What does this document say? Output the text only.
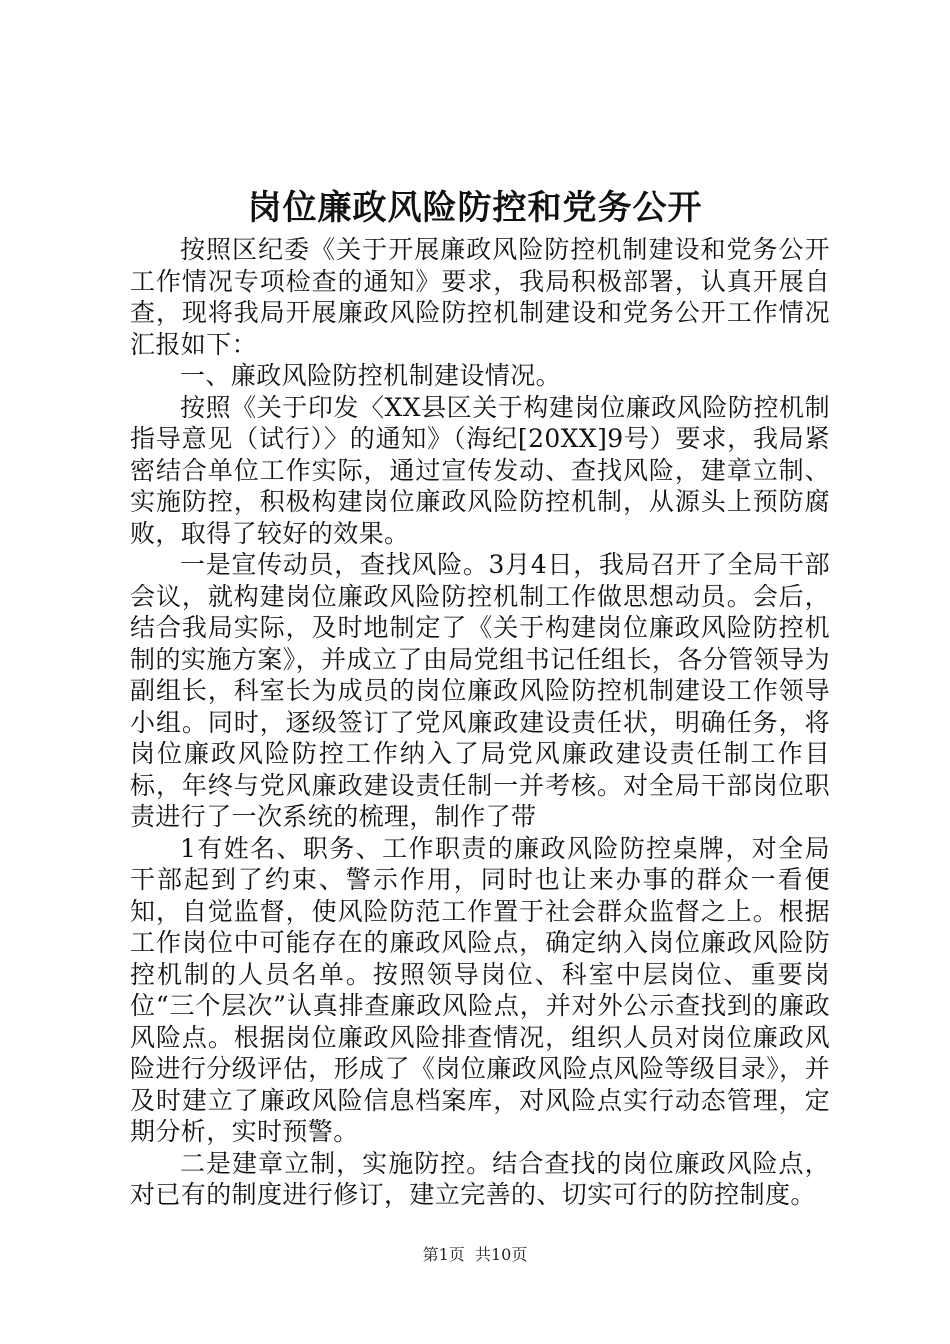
岗位廉政风险防控和党务公开

按照区纪委《关于开展廉政风险防控机制建设和党务公开工作情况专项检查的通知》要求，我局积极部署，认真开展自查，现将我局开展廉政风险防控机制建设和党务公开工作情况汇报如下：

一、廉政风险防控机制建设情况。

按照《关于印发〈XX县区关于构建岗位廉政风险防控机制指导意见（试行）〉的通知》（海纪[20XX]9号）要求，我局紧密结合单位工作实际，通过宣传发动、查找风险，建章立制、实施防控，积极构建岗位廉政风险防控机制，从源头上预防腐败，取得了较好的效果。

一是宣传动员，查找风险。3月4日，我局召开了全局干部会议，就构建岗位廉政风险防控机制工作做思想动员。会后，结合我局实际，及时地制定了《关于构建岗位廉政风险防控机制的实施方案》，并成立了由局党组书记任组长，各分管领导为副组长，科室长为成员的岗位廉政风险防控机制建设工作领导小组。同时，逐级签订了党风廉政建设责任状，明确任务，将岗位廉政风险防控工作纳入了局党风廉政建设责任制工作目标，年终与党风廉政建设责任制一并考核。对全局干部岗位职责进行了一次系统的梳理，制作了带

1有姓名、职务、工作职责的廉政风险防控桌牌，对全局干部起到了约束、警示作用，同时也让来办事的群众一看便知，自觉监督，使风险防范工作置于社会群众监督之上。根据工作岗位中可能存在的廉政风险点，确定纳入岗位廉政风险防控机制的人员名单。按照领导岗位、科室中层岗位、重要岗位“三个层次”认真排查廉政风险点，并对外公示查找到的廉政风险点。根据岗位廉政风险排查情况，组织人员对岗位廉政风险进行分级评估，形成了《岗位廉政风险点风险等级目录》，并及时建立了廉政风险信息档案库，对风险点实行动态管理，定期分析，实时预警。

二是建章立制，实施防控。结合查找的岗位廉政风险点，对已有的制度进行修订，建立完善的、切实可行的防控制度。

第1页 共10页
